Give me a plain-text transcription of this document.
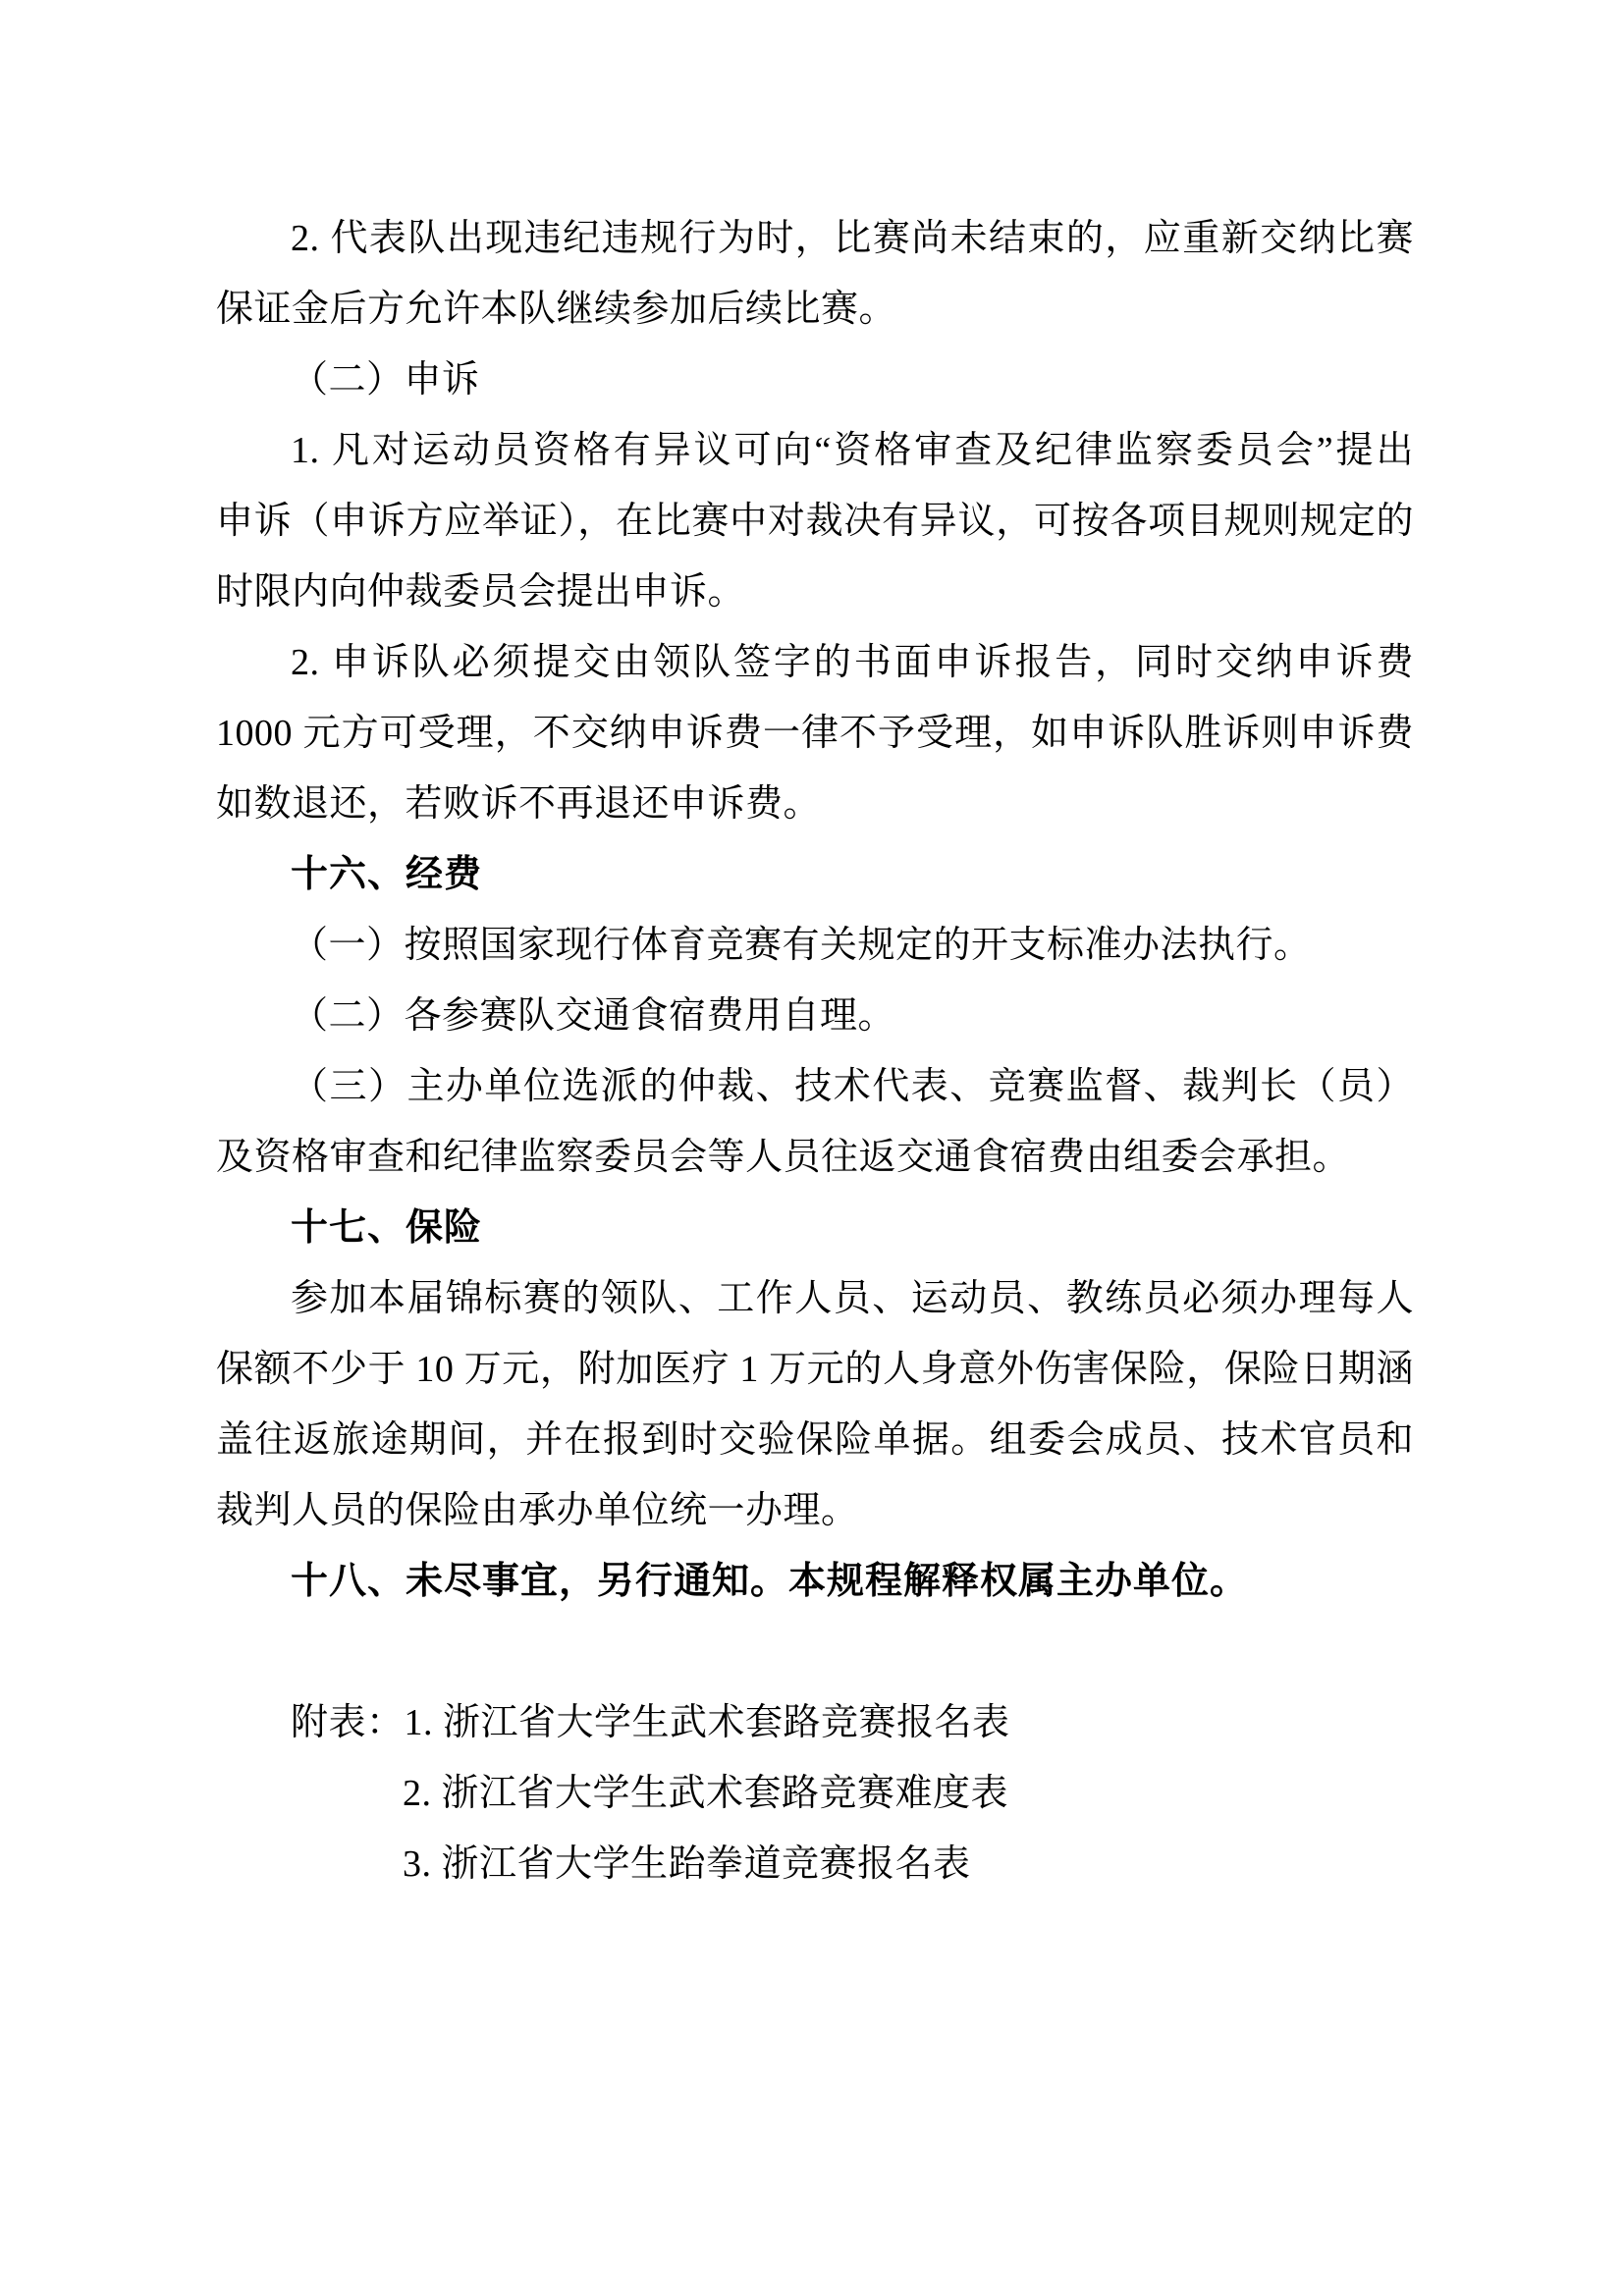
2. 代表队出现违纪违规行为时，比赛尚未结束的，应重新交纳比赛
保证金后方允许本队继续参加后续比赛。
（二）申诉
1. 凡对运动员资格有异议可向“资格审查及纪律监察委员会”提出
申诉（申诉方应举证），在比赛中对裁决有异议，可按各项目规则规定的
时限内向仲裁委员会提出申诉。
2. 申诉队必须提交由领队签字的书面申诉报告，同时交纳申诉费
1000 元方可受理，不交纳申诉费一律不予受理，如申诉队胜诉则申诉费
如数退还，若败诉不再退还申诉费。
十六、经费
（一）按照国家现行体育竞赛有关规定的开支标准办法执行。
（二）各参赛队交通食宿费用自理。
（三）主办单位选派的仲裁、技术代表、竞赛监督、裁判长（员）
及资格审查和纪律监察委员会等人员往返交通食宿费由组委会承担。
十七、保险
参加本届锦标赛的领队、工作人员、运动员、教练员必须办理每人
保额不少于 10 万元，附加医疗 1 万元的人身意外伤害保险，保险日期涵
盖往返旅途期间，并在报到时交验保险单据。组委会成员、技术官员和
裁判人员的保险由承办单位统一办理。
十八、未尽事宜，另行通知。本规程解释权属主办单位。
附表：1. 浙江省大学生武术套路竞赛报名表
2. 浙江省大学生武术套路竞赛难度表
3. 浙江省大学生跆拳道竞赛报名表
